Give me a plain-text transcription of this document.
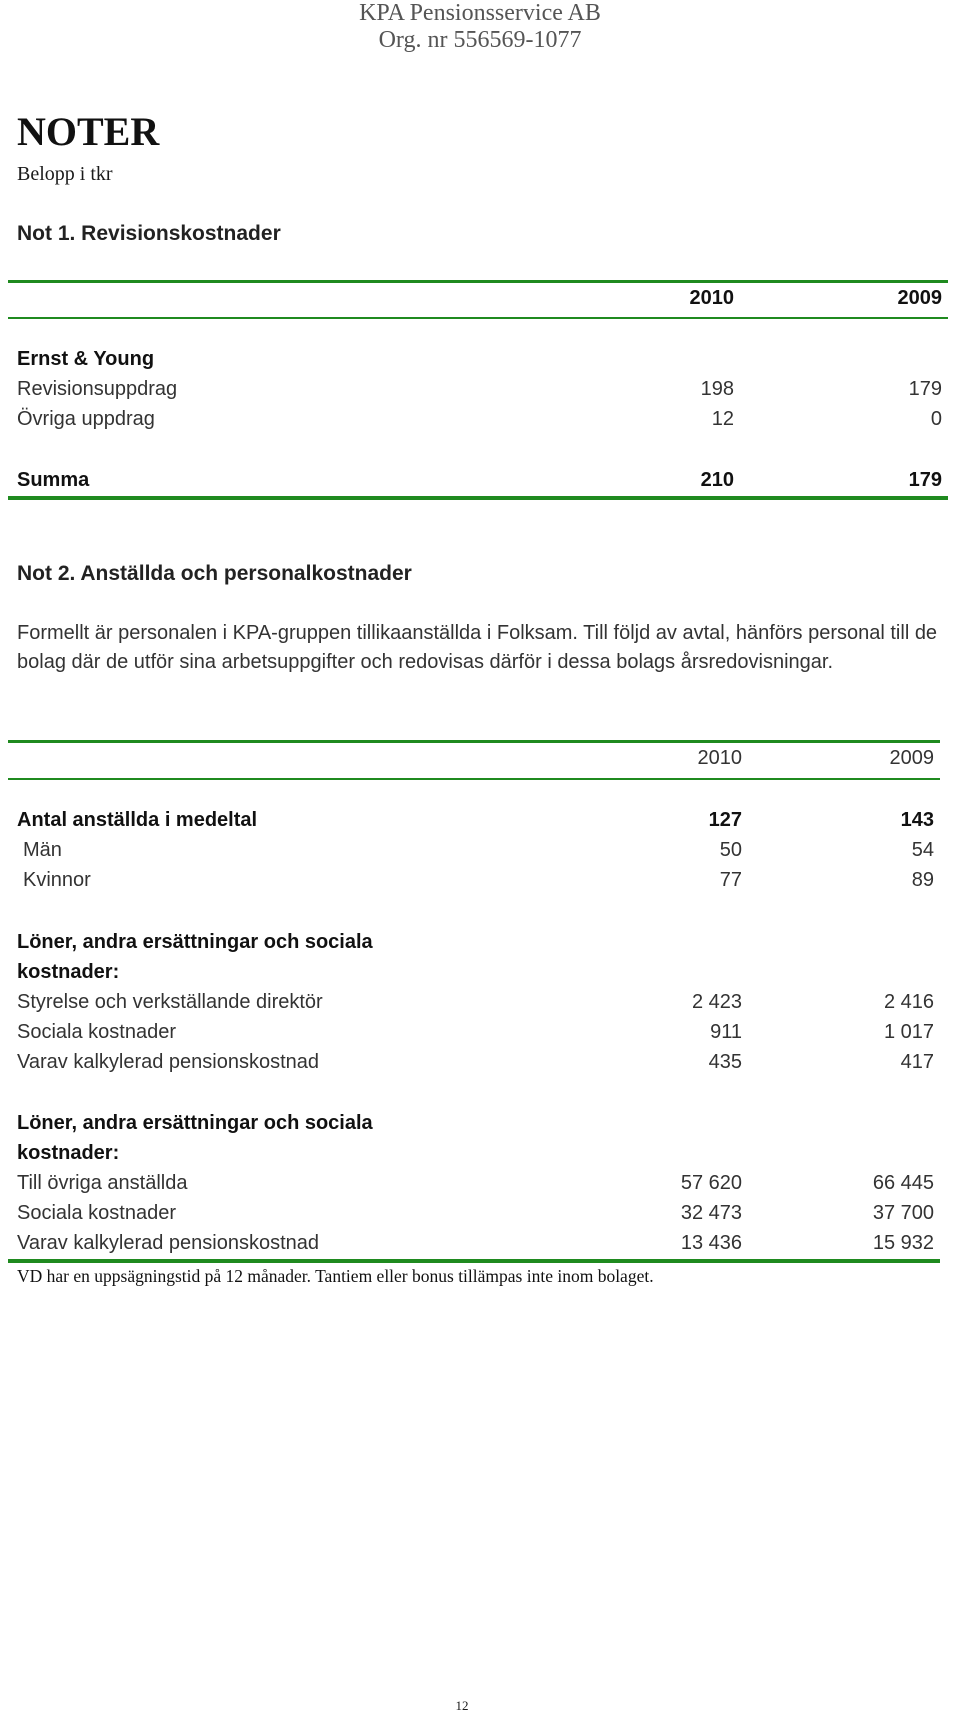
KPA Pensionsservice AB
Org. nr 556569-1077
NOTER
Belopp i tkr
Not 1. Revisionskostnader
2010	2009
Ernst & Young
Revisionsuppdrag	198	179
Övriga uppdrag	12	0
Summa	210	179
Not 2. Anställda och personalkostnader
Formellt är personalen i KPA-gruppen tillikaanställda i Folksam. Till följd av avtal, hänförs personal till de bolag där de utför sina arbetsuppgifter och redovisas därför i dessa bolags årsredovisningar.
2010	2009
Antal anställda i medeltal	127	143
Män	50	54
Kvinnor	77	89
Löner, andra ersättningar och sociala
kostnader:
Styrelse och verkställande direktör	2 423	2 416
Sociala kostnader	911	1 017
Varav kalkylerad pensionskostnad	435	417
Löner, andra ersättningar och sociala
kostnader:
Till övriga anställda	57 620	66 445
Sociala kostnader	32 473	37 700
Varav kalkylerad pensionskostnad	13 436	15 932
VD har en uppsägningstid på 12 månader. Tantiem eller bonus tillämpas inte inom bolaget.
12
